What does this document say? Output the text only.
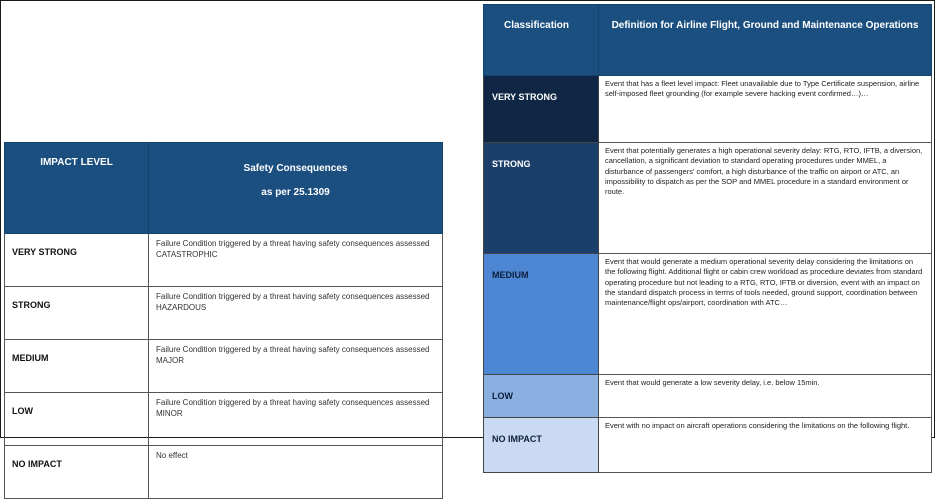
IMPACT LEVEL	Safety Consequences
as per 25.1309

VERY STRONG	Failure Condition triggered by a threat having safety consequences assessed CATASTROPHIC
STRONG	Failure Condition triggered by a threat having safety consequences assessed HAZARDOUS
MEDIUM	Failure Condition triggered by a threat having safety consequences assessed MAJOR
LOW	Failure Condition triggered by a threat having safety consequences assessed MINOR
NO IMPACT	No effect
Classification	Definition for Airline Flight, Ground and Maintenance Operations
VERY STRONG	Event that has a fleet level impact: Fleet unavailable due to Type Certificate suspension, airline self-imposed fleet grounding (for example severe hacking event confirmed…)…
STRONG	Event that potentially generates a high operational severity delay: RTG, RTO, IFTB, a diversion, cancellation, a significant deviation to standard operating procedures under MMEL, a disturbance of passengers' comfort, a high disturbance of the traffic on airport or ATC, an impossibility to dispatch as per the SOP and MMEL procedure in a standard environment or route.
MEDIUM	Event that would generate a medium operational severity delay considering the limitations on the following flight. Additional flight or cabin crew workload as procedure deviates from standard operating procedure but not leading to a RTG, RTO, IFTB or diversion, event with an impact on the standard dispatch process in terms of tools needed, ground support, coordination between maintenance/flight ops/airport, coordination with ATC…
LOW	Event that would generate a low severity delay, i.e. below 15min.
NO IMPACT	Event with no impact on aircraft operations considering the limitations on the following flight.
